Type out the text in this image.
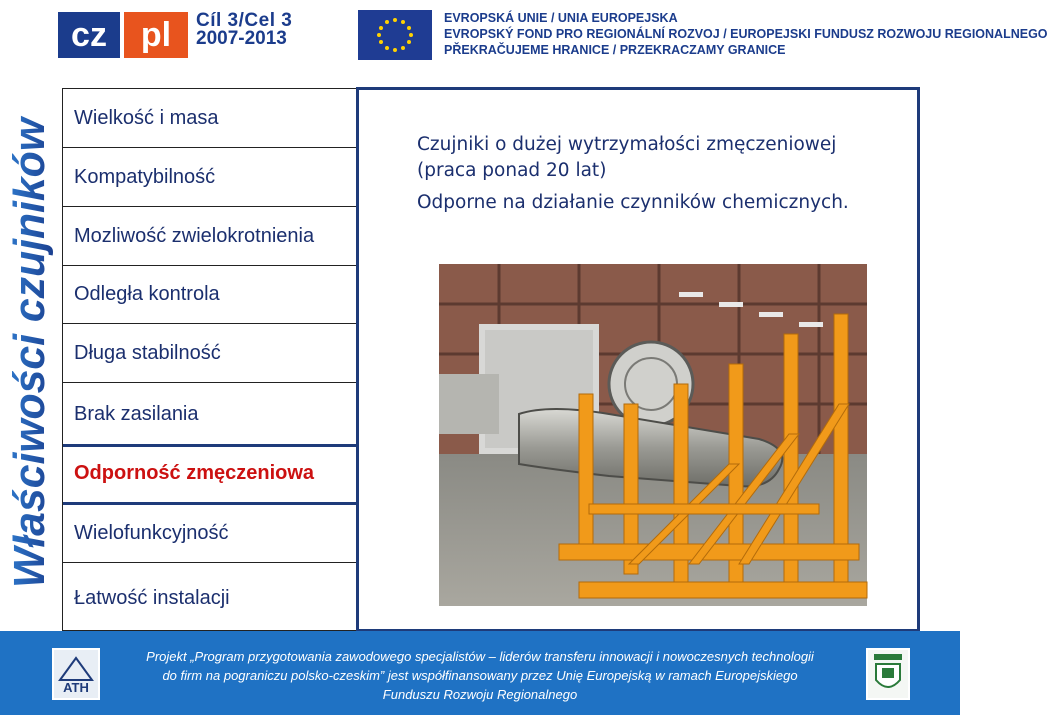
cz pl Cíl 3/Cel 3
2007-2013
EVROPSKÁ UNIE / UNIA EUROPEJSKA
EVROPSKÝ FOND PRO REGIONÁLNÍ ROZVOJ / EUROPEJSKI FUNDUSZ ROZWOJU REGIONALNEGO
PŘEKRAČUJEME HRANICE / PRZEKRACZAMY GRANICE
Właściwości czujników Wielkość i masa
Kompatybilność
Mozliwość zwielokrotnienia
Odległa kontrola
Długa stabilność
Brak zasilania
Odporność zmęczeniowa
Wielofunkcyjność
Łatwość instalacji
Czujniki o dużej wytrzymałości zmęczeniowej
(praca ponad 20 lat)
Odporne na działanie czynników chemicznych.
ATH
Projekt „Program przygotowania zawodowego specjalistów – liderów transferu innowacji i nowoczesnych technologii
do firm na pograniczu polsko-czeskim” jest współfinansowany przez Unię Europejską w ramach Europejskiego
Funduszu Rozwoju Regionalnego
